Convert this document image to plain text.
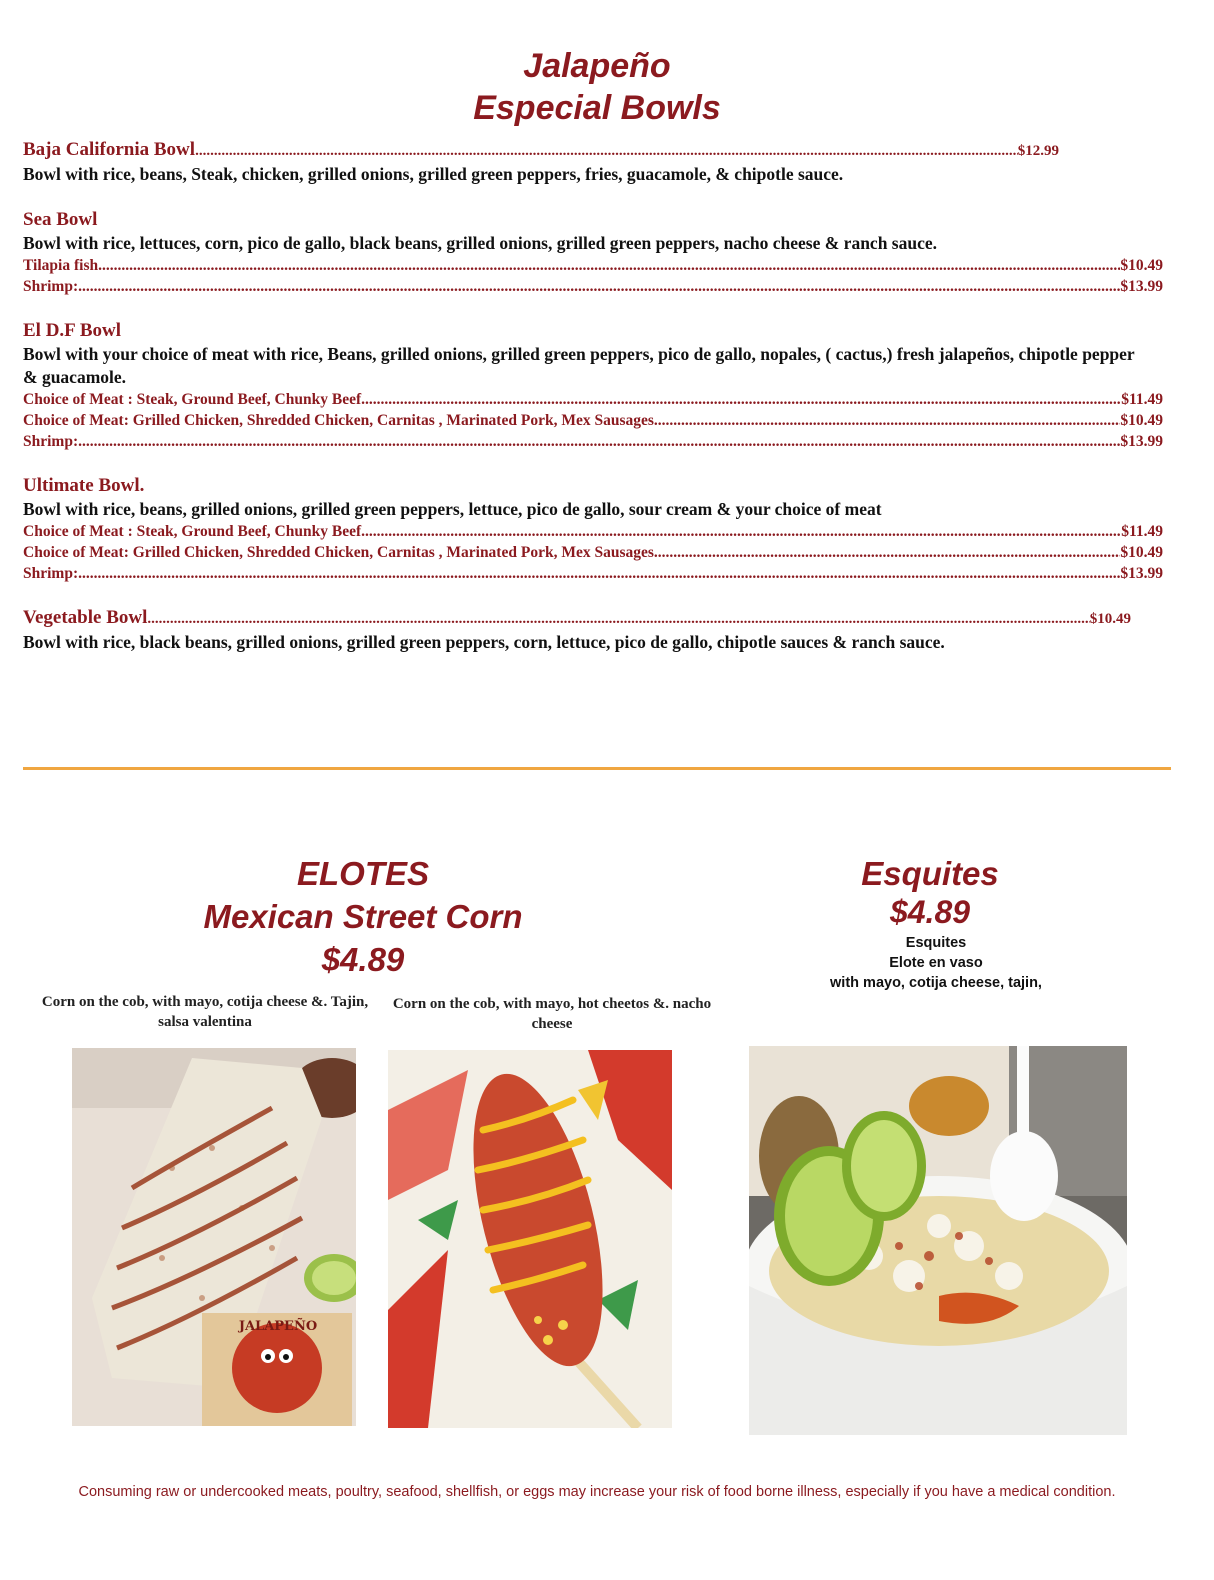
Jalapeño
Especial Bowls
Baja California Bowl .....	$12.99
Bowl with rice, beans, Steak, chicken, grilled onions, grilled green peppers, fries, guacamole, & chipotle sauce.
Sea Bowl
Bowl with rice, lettuces, corn, pico de gallo, black beans, grilled onions, grilled green peppers, nacho cheese & ranch sauce.
Tilapia fish .....	$10.49
Shrimp: .....	$13.99
El D.F Bowl
Bowl with your choice of meat with rice, Beans, grilled onions, grilled green peppers, pico de gallo, nopales, ( cactus,) fresh jalapeños, chipotle pepper & guacamole.
Choice of Meat : Steak, Ground Beef, Chunky Beef .....	$11.49
Choice of Meat: Grilled Chicken, Shredded Chicken, Carnitas , Marinated Pork, Mex Sausages. .....	$10.49
Shrimp: .....	$13.99
Ultimate Bowl.
Bowl with rice, beans, grilled onions, grilled green peppers, lettuce, pico de gallo, sour cream & your choice of meat
Choice of Meat : Steak, Ground Beef, Chunky Beef .....	$11.49
Choice of Meat: Grilled Chicken, Shredded Chicken, Carnitas , Marinated Pork, Mex Sausages. .....	$10.49
Shrimp: .....	$13.99
Vegetable Bowl .....	$10.49
Bowl with rice, black beans, grilled onions, grilled green peppers, corn, lettuce, pico de gallo, chipotle sauces & ranch sauce.
ELOTES
Mexican Street Corn
$4.89
Corn on the cob, with mayo, cotija cheese &. Tajin, salsa valentina
Corn on the cob, with mayo, hot cheetos &. nacho cheese
Esquites
$4.89
Esquites
Elote en vaso
with mayo, cotija cheese, tajin,
JALAPEÑO
Consuming raw or undercooked meats, poultry, seafood, shellfish, or eggs may increase your risk of food borne illness, especially if you have a medical condition.
